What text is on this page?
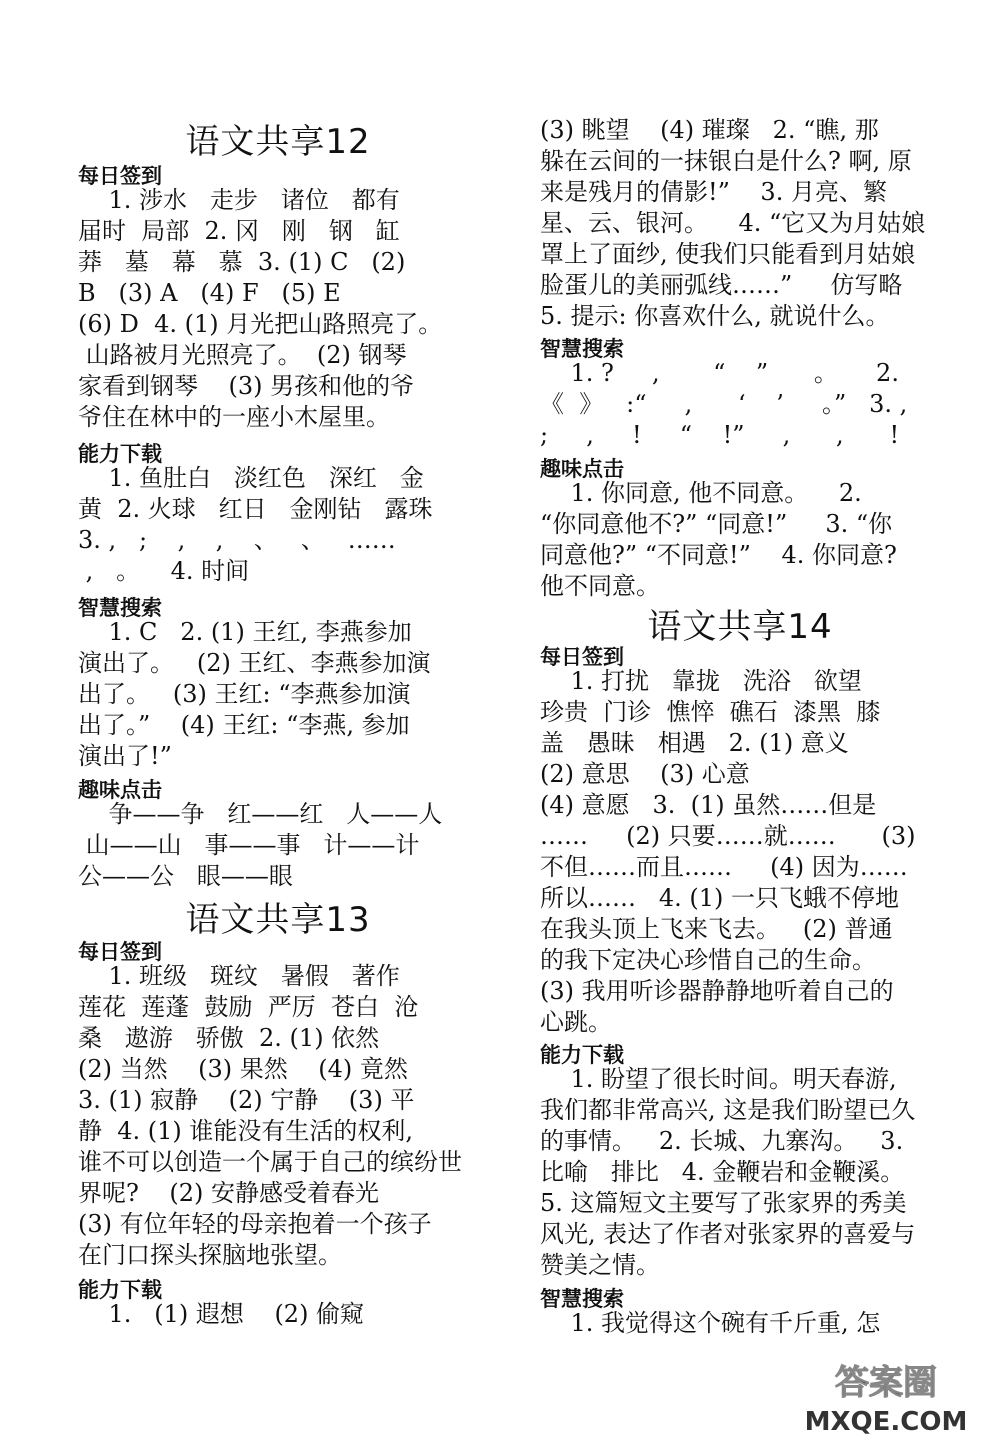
语文共享12
每日签到
1. 涉水   走步   诸位   都有
届时  局部  2. 冈   刚   钢   缸
莽   墓   幕   慕  3. (1) C   (2)
B   (3) A   (4) F   (5) E
(6) D  4. (1) 月光把山路照亮了。
山路被月光照亮了。  (2) 钢琴
家看到钢琴    (3) 男孩和他的爷
爷住在林中的一座小木屋里。
能力下载
1. 鱼肚白   淡红色   深红   金
黄  2. 火球   红日   金刚钻   露珠
3. ,   ;    ,    ,    、   、   ……
,   。    4. 时间
智慧搜索
1. C   2. (1) 王红, 李燕参加
演出了。   (2) 王红、李燕参加演
出了。   (3) 王红: “李燕参加演
出了。”    (4) 王红: “李燕, 参加
演出了!”
趣味点击
争——争   红——红   人——人
山——山   事——事   计——计
公——公   眼——眼
语文共享13
每日签到
1. 班级   斑纹   暑假   著作
莲花  莲蓬  鼓励  严厉  苍白  沧
桑   遨游   骄傲  2. (1) 依然
(2) 当然    (3) 果然    (4) 竟然
3. (1) 寂静    (2) 宁静    (3) 平
静  4. (1) 谁能没有生活的权利,
谁不可以创造一个属于自己的缤纷世
界呢?    (2) 安静感受着春光
(3) 有位年轻的母亲抱着一个孩子
在门口探头探脑地张望。
能力下载
1.   (1) 遐想    (2) 偷窥
(3) 眺望    (4) 璀璨   2. “瞧, 那
躲在云间的一抹银白是什么? 啊, 原
来是残月的倩影!”    3. 月亮、繁
星、云、银河。    4. “它又为月姑娘
罩上了面纱, 使我们只能看到月姑娘
脸蛋儿的美丽弧线……”     仿写略
5. 提示: 你喜欢什么, 就说什么。
智慧搜索
1. ?     ,       “    ”      。     2.
《  》   :“     ,      ‘    ’     。”   3. ,
;     ,     !     “    !”     ,      ,      !
趣味点击
1. 你同意, 他不同意。    2.
“你同意他不?” “同意!”     3. “你
同意他?” “不同意!”    4. 你同意?
他不同意。
语文共享14
每日签到
1. 打扰   靠拢   洗浴   欲望
珍贵  门诊  憔悴  礁石  漆黑  膝
盖   愚昧   相遇   2. (1) 意义
(2) 意思    (3) 心意
(4) 意愿   3.  (1) 虽然……但是
……     (2) 只要……就……      (3)
不但……而且……     (4) 因为……
所以……   4. (1) 一只飞蛾不停地
在我头顶上飞来飞去。   (2) 普通
的我下定决心珍惜自己的生命。
(3) 我用听诊器静静地听着自己的
心跳。
能力下载
1. 盼望了很长时间。明天春游,
我们都非常高兴, 这是我们盼望已久
的事情。   2. 长城、九寨沟。   3.
比喻   排比   4. 金鞭岩和金鞭溪。
5. 这篇短文主要写了张家界的秀美
风光, 表达了作者对张家界的喜爱与
赞美之情。
智慧搜索
1. 我觉得这个碗有千斤重, 怎
答案圈
MXQE.COM
